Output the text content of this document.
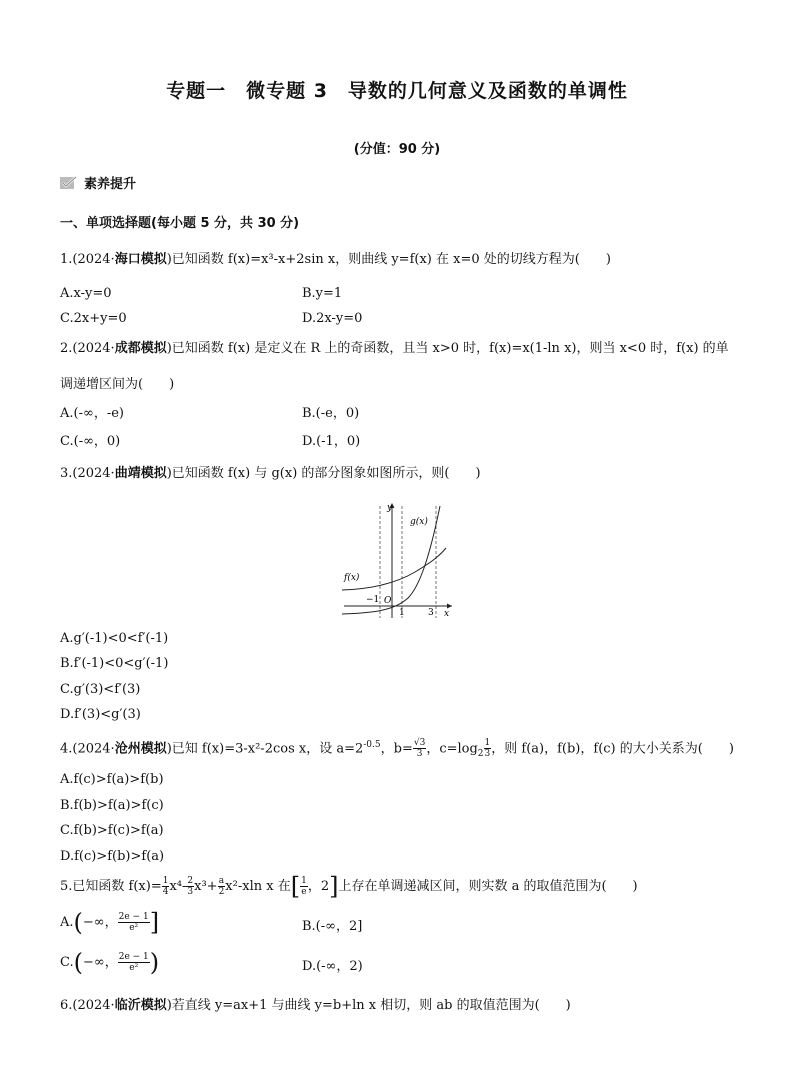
专题一　微专题 3　导数的几何意义及函数的单调性
(分值：90 分)
素养提升
一、单项选择题(每小题 5 分，共 30 分)
1.(2024·海口模拟)已知函数 f(x)=x³-x+2sin x，则曲线 y=f(x) 在 x=0 处的切线方程为(　　)
A.x-y=0	B.y=1
C.2x+y=0	D.2x-y=0
2.(2024·成都模拟)已知函数 f(x) 是定义在 R 上的奇函数，且当 x>0 时，f(x)=x(1-ln x)，则当 x<0 时，f(x) 的单
调递增区间为(　　)
A.(-∞，-e)	B.(-e，0)
C.(-∞，0)	D.(-1，0)
3.(2024·曲靖模拟)已知函数 f(x) 与 g(x) 的部分图象如图所示，则(　　)
y
x
g(x)
f(x)
O
−1
1	3
A.g′(-1)<0<f′(-1)
B.f′(-1)<0<g′(-1)
C.g′(3)<f′(3)
D.f′(3)<g′(3)
4.(2024·沧州模拟)已知 f(x)=3-x²-2cos x，设 $a=2^{-0.5}$，$b= \frac{√3}{3}$ ，$c=\log_2 \frac{1}{3}$ ，则 f(a)，f(b)，f(c) 的大小关系为(　　)
A.f(c)>f(a)>f(b)
B.f(b)>f(a)>f(c)
C.f(b)>f(c)>f(a)
D.f(c)>f(b)>f(a)
5.已知函数 $f(x)= \frac{1}{4} x^4- \frac{2}{3} x^3+ \frac{a}{2} x^2-xln$ x 在[ $\frac{1}{e}$ ，2]上存在单调递减区间，则实数 a 的取值范围为(　　)
A.(−∞， $\frac{2e - 1}{\text{e²}}$ ]	B.(-∞，2]
C.(−∞， $\frac{2e - 1}{\text{e²}}$ )	D.(-∞，2)
6.(2024·临沂模拟)若直线 y=ax+1 与曲线 y=b+ln x 相切，则 ab 的取值范围为(　　)
